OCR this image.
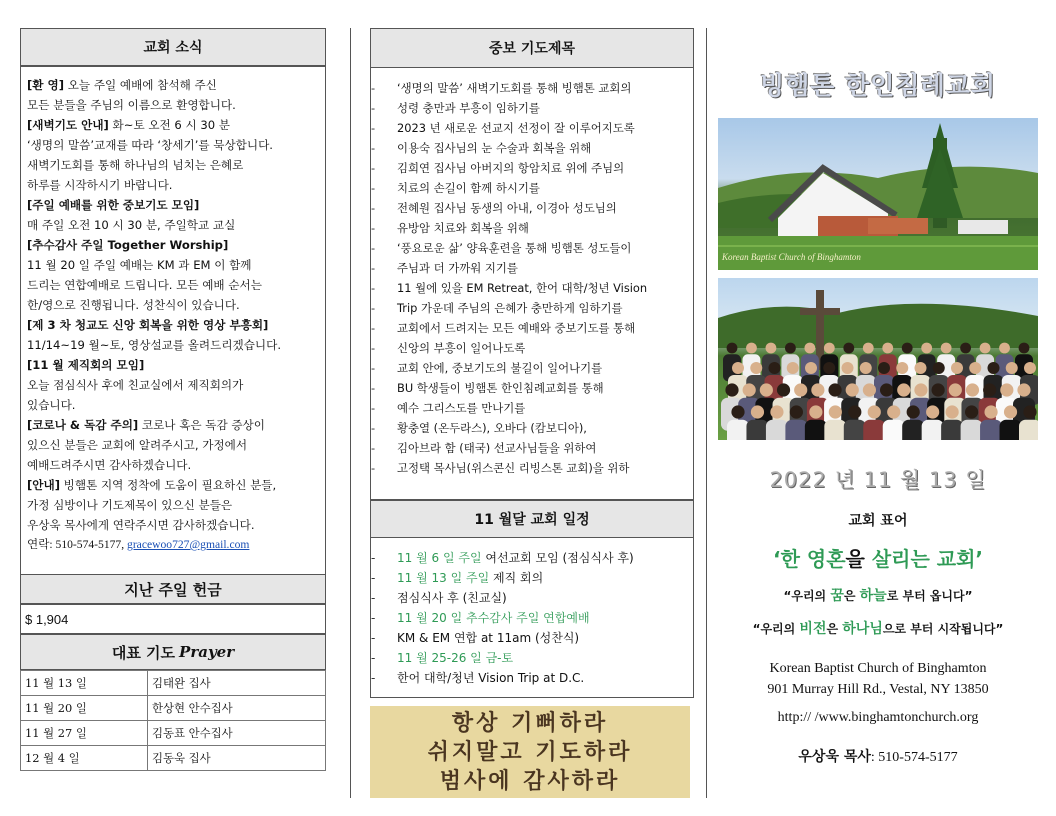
교회 소식

[환 영] 오늘 주일 예배에 참석해 주신

모든 분들을 주님의 이름으로 환영합니다.

[새벽기도 안내] 화~토 오전 6 시 30 분

‘생명의 말씀’교재를 따라 ‘창세기’를 묵상합니다.

새벽기도회를 통해 하나님의 넘치는 은혜로

하루를 시작하시기 바랍니다.

[주일 예배를 위한 중보기도 모임]

매 주일 오전 10 시 30 분, 주일학교 교실

[추수감사 주일 Together Worship]

11 월 20 일 주일 예배는 KM 과 EM 이 함께

드리는 연합예배로 드립니다. 모든 예배 순서는

한/영으로 진행됩니다. 성찬식이 있습니다.

[제 3 차 청교도 신앙 회복을 위한 영상 부흥회]

11/14~19 월~토, 영상설교를 올려드리겠습니다.

[11 월 제직회의 모임]

오늘 점심식사 후에 친교실에서 제직회의가

있습니다.

[코로나 & 독감 주의] 코로나 혹은 독감 증상이

있으신 분들은 교회에 알려주시고, 가정에서

예배드려주시면 감사하겠습니다.

[안내] 빙햄톤 지역 정착에 도움이 필요하신 분들,

가정 심방이나 기도제목이 있으신 분들은

우상욱 목사에게 연락주시면 감사하겠습니다.

연락: 510-574-5177, gracewoo727@gmail.com

지난 주일 헌금
$ 1,904
대표 기도 Prayer
11 월 13 일	김태완 집사
11 월 20 일	한상현 안수집사
11 월 27 일	김동표 안수집사
12 월 4 일	김동욱 집사
중보 기도제목
- ‘생명의 말씀’ 새벽기도회를 통해 빙햄톤 교회의
- 성령 충만과 부흥이 임하기를
- 2023 년 새로운 선교지 선정이 잘 이루어지도록
- 이용숙 집사님의 눈 수술과 회복을 위해
- 김희연 집사님 아버지의 항암치료 위에 주님의
- 치료의 손길이 함께 하시기를
- 전혜원 집사님 동생의 아내, 이경아 성도님의
- 유방암 치료와 회복을 위해
- ‘풍요로운 삶’ 양육훈련을 통해 빙햄톤 성도들이
- 주님과 더 가까워 지기를
- 11 월에 있을 EM Retreat, 한어 대학/청년 Vision
- Trip 가운데 주님의 은혜가 충만하게 임하기를
- 교회에서 드려지는 모든 예배와 중보기도를 통해
- 신앙의 부흥이 일어나도록
- 교회 안에, 중보기도의 불길이 일어나기를
- BU 학생들이 빙햄톤 한인침례교회를 통해
- 예수 그리스도를 만나기를
- 황충열 (온두라스), 오바다 (캄보디아),
- 김아브라 함 (태국) 선교사님들을 위하여
- 고정택 목사님(위스콘신 리빙스톤 교회)을 위하
11 월달 교회 일정
- 11 월 6 일 주일 여선교회 모임 (점심식사 후)
- 11 월 13 일 주일 제직 회의
- 점심식사 후 (친교실)
- 11 월 20 일 추수감사 주일 연합예배
- KM & EM 연합 at 11am (성찬식)
- 11 월 25-26 일 금-토
- 한어 대학/청년 Vision Trip at D.C.
항상 기뻐하라
쉬지말고 기도하라
범사에 감사하라
빙햄톤 한인침례교회
Korean Baptist Church of Binghamton
2022 년 11 월 13 일
교회 표어
‘한 영혼을 살리는 교회’
“우리의 꿈은 하늘로 부터 옵니다”
“우리의 비전은 하나님으로 부터 시작됩니다”
Korean Baptist Church of Binghamton
901 Murray Hill Rd., Vestal, NY 13850
http:// /www.binghamtonchurch.org
우상욱 목사: 510-574-5177
